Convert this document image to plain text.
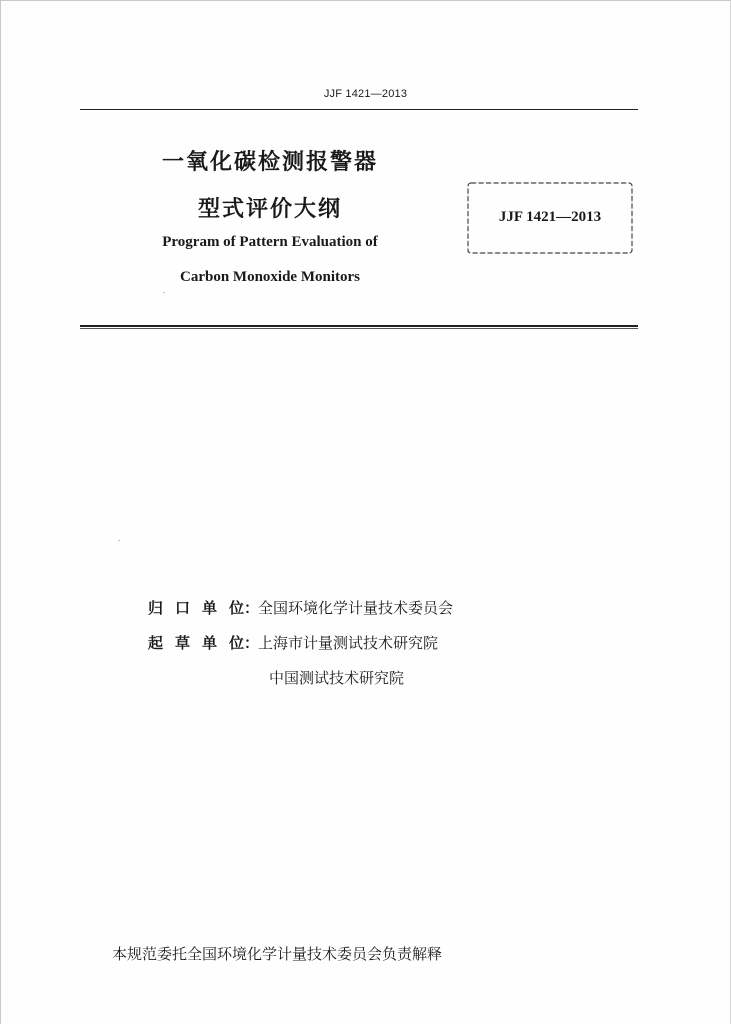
JJF 1421—2013
一氧化碳检测报警器
型式评价大纲
Program of Pattern Evaluation of
Carbon Monoxide Monitors
JJF 1421—2013
归 口 单 位：全国环境化学计量技术委员会
起 草 单 位：上海市计量测试技术研究院
中国测试技术研究院
本规范委托全国环境化学计量技术委员会负责解释
